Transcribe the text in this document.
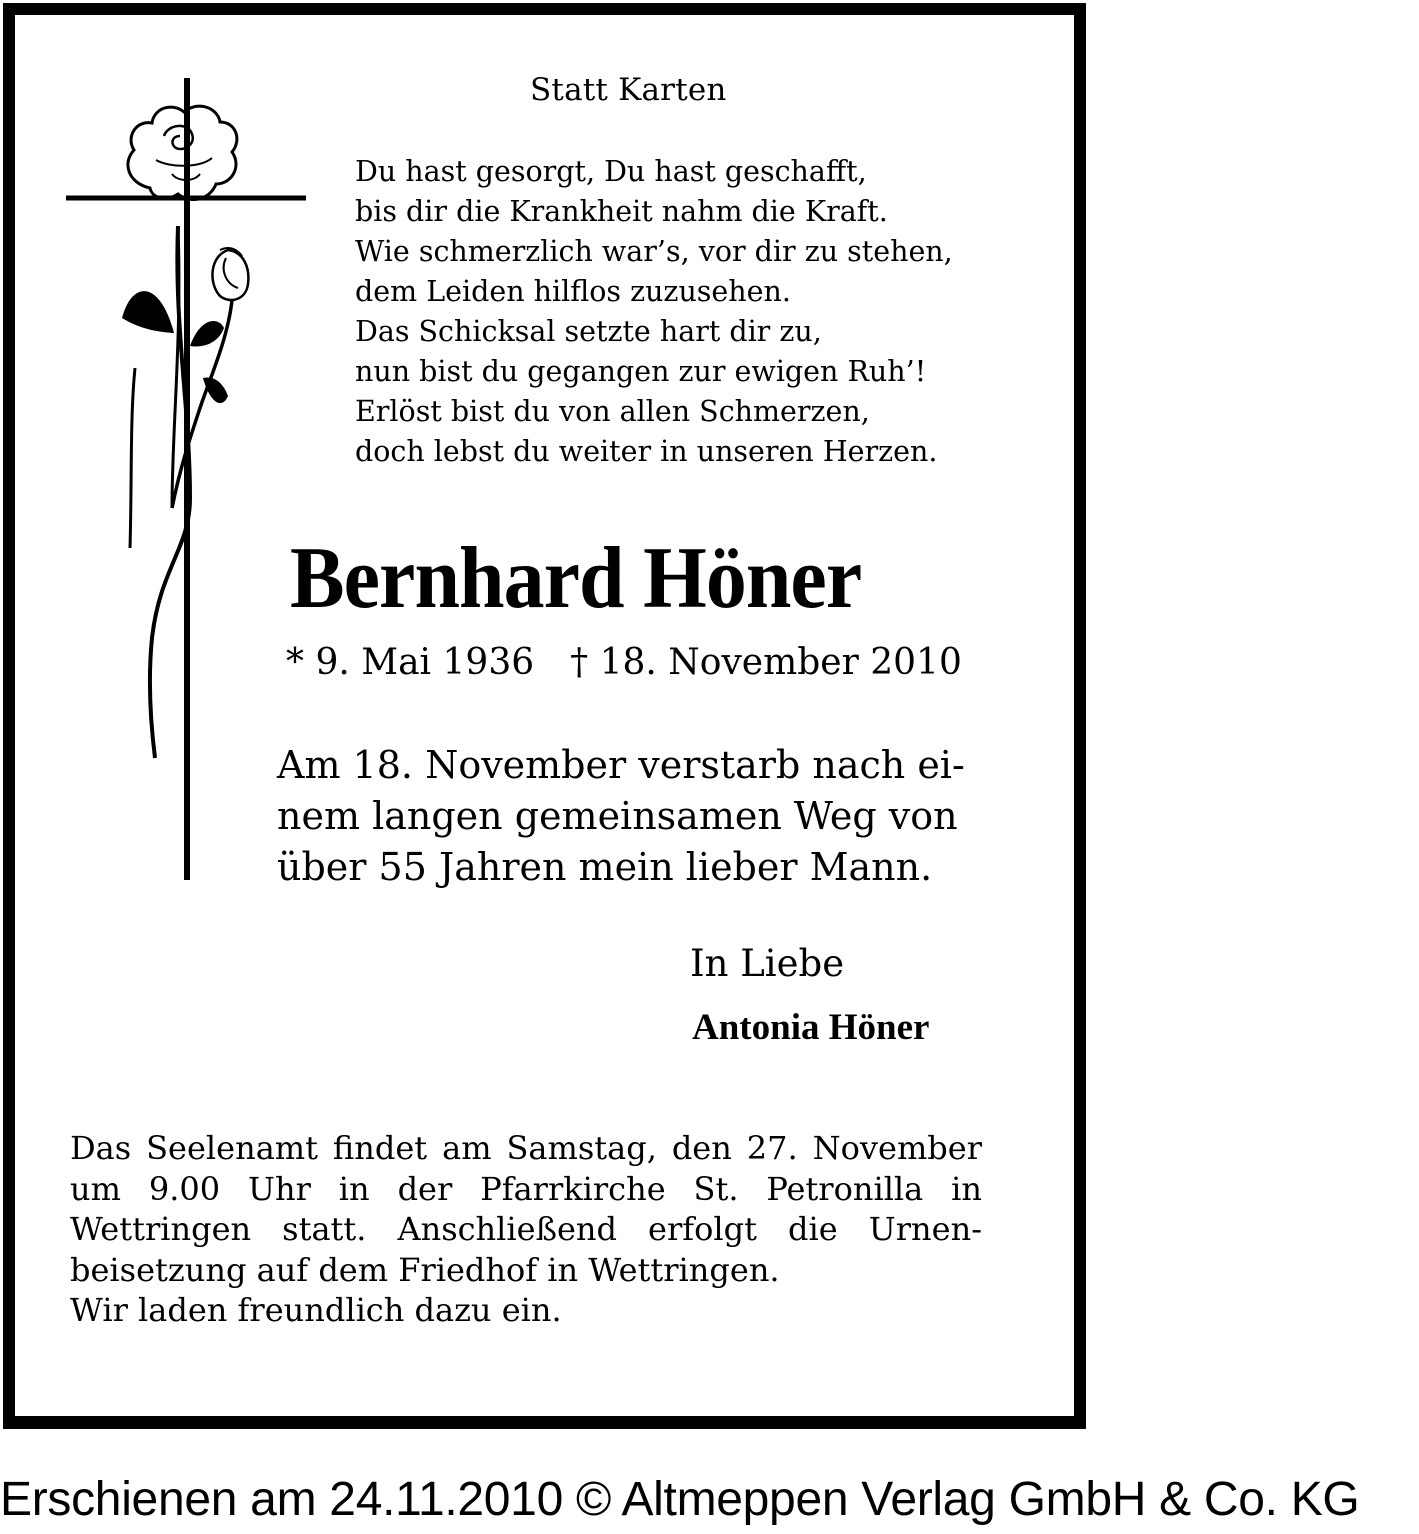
Statt Karten
Du hast gesorgt, Du hast geschafft,
bis dir die Krankheit nahm die Kraft.
Wie schmerzlich war’s, vor dir zu stehen,
dem Leiden hilflos zuzusehen.
Das Schicksal setzte hart dir zu,
nun bist du gegangen zur ewigen Ruh’!
Erlöst bist du von allen Schmerzen,
doch lebst du weiter in unseren Herzen.
Bernhard Höner
* 9. Mai 1936 † 18. November 2010
Am 18. November verstarb nach ei-
nem langen gemeinsamen Weg von
über 55 Jahren mein lieber Mann.
In Liebe
Antonia Höner
Das Seelenamt findet am Samstag, den 27. November
um 9.00 Uhr in der Pfarrkirche St. Petronilla in
Wettringen statt. Anschließend erfolgt die Urnen-
beisetzung auf dem Friedhof in Wettringen.
Wir laden freundlich dazu ein.
Erschienen am 24.11.2010 © Altmeppen Verlag GmbH & Co. KG
